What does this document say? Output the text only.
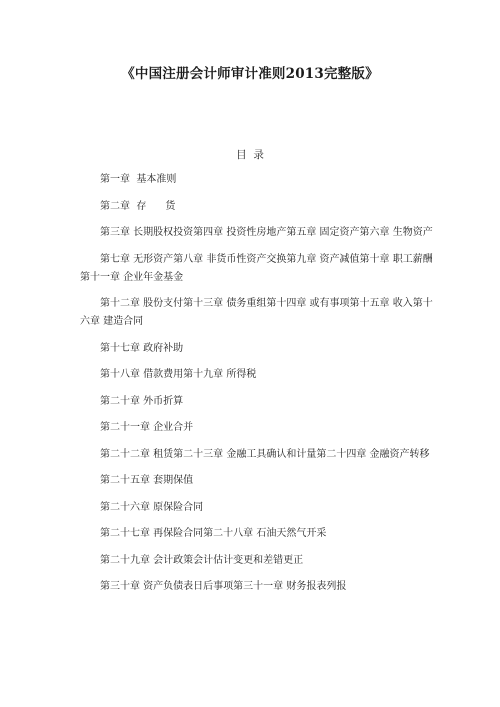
《中国注册会计师审计准则2013完整版》
目  录
第一章  基本准则
第二章  存      货
第三章 长期股权投资第四章 投资性房地产第五章 固定资产第六章 生物资产
第七章 无形资产第八章 非货币性资产交换第九章 资产减值第十章 职工薪酬第十一章 企业年金基金
第十二章 股份支付第十三章 债务重组第十四章 或有事项第十五章 收入第十六章 建造合同
第十七章 政府补助
第十八章 借款费用第十九章 所得税
第二十章 外币折算
第二十一章 企业合并
第二十二章 租赁第二十三章 金融工具确认和计量第二十四章 金融资产转移
第二十五章 套期保值
第二十六章 原保险合同
第二十七章 再保险合同第二十八章 石油天然气开采
第二十九章 会计政策会计估计变更和差错更正
第三十章 资产负债表日后事项第三十一章 财务报表列报
